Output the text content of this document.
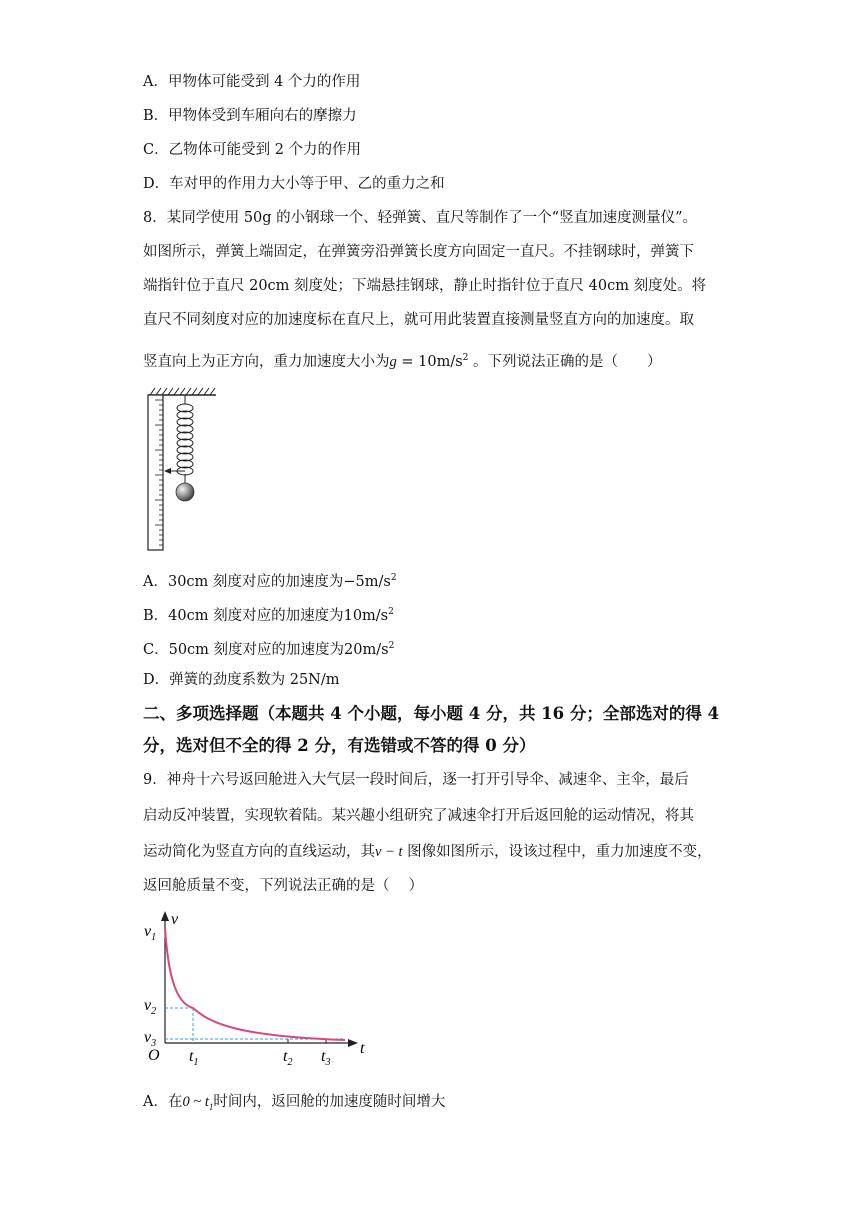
A．甲物体可能受到 4 个力的作用
B．甲物体受到车厢向右的摩擦力
C．乙物体可能受到 2 个力的作用
D．车对甲的作用力大小等于甲、乙的重力之和
8．某同学使用 50g 的小钢球一个、轻弹簧、直尺等制作了一个“竖直加速度测量仪”。
如图所示，弹簧上端固定，在弹簧旁沿弹簧长度方向固定一直尺。不挂钢球时，弹簧下
端指针位于直尺 20cm 刻度处；下端悬挂钢球，静止时指针位于直尺 40cm 刻度处。将
直尺不同刻度对应的加速度标在直尺上，就可用此装置直接测量竖直方向的加速度。取
竖直向上为正方向，重力加速度大小为$g = 10m/s^2$ 。下列说法正确的是（　　）
A．30cm 刻度对应的加速度为$-5m/s^2$
B．40cm 刻度对应的加速度为$10m/s^2$
C．50cm 刻度对应的加速度为$20m/s^2$
D．弹簧的劲度系数为 25N/m
二、多项选择题（本题共 4 个小题，每小题 4 分，共 16 分；全部选对的得 4
分，选对但不全的得 2 分，有选错或不答的得 0 分）
9．神舟十六号返回舱进入大气层一段时间后，逐一打开引导伞、减速伞、主伞，最后
启动反冲装置，实现软着陆。某兴趣小组研究了减速伞打开后返回舱的运动情况，将其
运动简化为竖直方向的直线运动，其v − t 图像如图所示，设该过程中，重力加速度不变，
返回舱质量不变，下列说法正确的是（　 ）
v
t
O
$v_1$
$v_2$
$v_3$
$t_1$	$t_2$ $t_3$
A．在0 ~ $t_1$时间内，返回舱的加速度随时间增大
